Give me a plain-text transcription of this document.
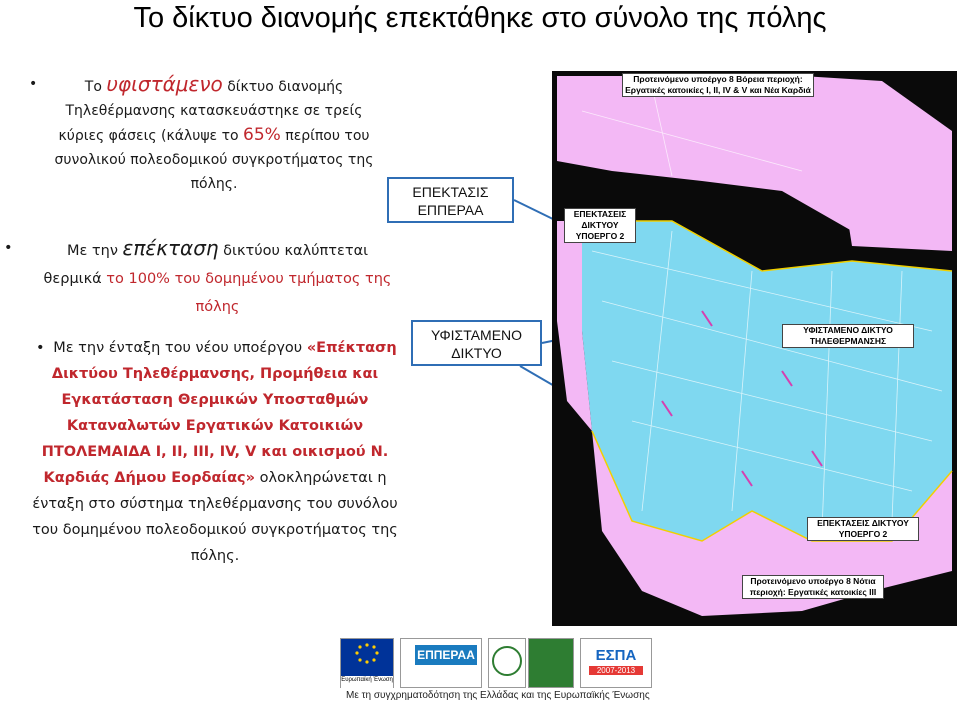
Το δίκτυο διανομής επεκτάθηκε στο σύνολο της πόλης
•	Το υφιστάμενο δίκτυο διανομής Τηλεθέρμανσης κατασκευάστηκε σε τρείς κύριες φάσεις (κάλυψε το 65% περίπου του συνολικού πολεοδομικού συγκροτήματος της πόλης.
•	Με την επέκταση δικτύου καλύπτεται θερμικά το 100% του δομημένου τμήματος της πόλης
• Με την ένταξη του νέου υποέργου «Επέκταση Δικτύου Τηλεθέρμανσης, Προμήθεια και Εγκατάσταση Θερμικών Υποσταθμών Καταναλωτών Εργατικών Κατοικιών ΠΤΟΛΕΜΑΙΔΑ I, II, III, IV, V και οικισμού Ν. Καρδιάς Δήμου Εορδαίας» ολοκληρώνεται η ένταξη στο σύστημα τηλεθέρμανσης του συνόλου του δομημένου πολεοδομικού συγκροτήματος της πόλης.
ΕΠΕΚΤΑΣΙΣ ΕΠΠΕΡΑΑ
ΥΦΙΣΤΑΜΕΝΟ ΔΙΚΤΥΟ
Προτεινόμενο υποέργο 8 Βόρεια περιοχή: Εργατικές κατοικίες I, II, IV & V και Νέα Καρδιά
ΕΠΕΚΤΑΣΕΙΣ ΔΙΚΤΥΟΥ ΥΠΟΕΡΓΟ 2
ΥΦΙΣΤΑΜΕΝΟ ΔΙΚΤΥΟ ΤΗΛΕΘΕΡΜΑΝΣΗΣ
ΕΠΕΚΤΑΣΕΙΣ ΔΙΚΤΥΟΥ ΥΠΟΕΡΓΟ 2
Προτεινόμενο υποέργο 8 Νότια περιοχή: Εργατικές κατοικίες III
Ευρωπαϊκή Ένωση
ΕΠΠΕΡΑΑ	ΕΣΠΑ
2007-2013
Με τη συγχρηματοδότηση της Ελλάδας και της Ευρωπαϊκής Ένωσης
